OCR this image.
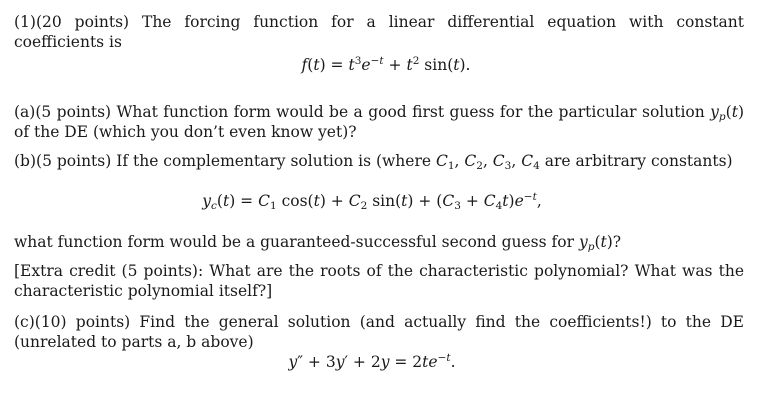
(1)(20 points) The forcing function for a linear differential equation with constant coefficients is
$f(t) = t^3e^{-t} + t^2$ sin(t).
(a)(5 points) What function form would be a good first guess for the particular solution $y_p(t)$ of the DE (which you don’t even know yet)?
(b)(5 points) If the complementary solution is (where $C_1$, $C_2$, $C_3$, $C_4$ are arbitrary constants)
$y_c(t) = C_1$ $\cos(t) + C_2$ $\sin(t) + (C_3 + C_4t)e^{-t}$,
what function form would be a guaranteed-successful second guess for $y_p(t)$?
[Extra credit (5 points): What are the roots of the characteristic polynomial? What was the characteristic polynomial itself?]
(c)(10) points) Find the general solution (and actually find the coefficients!) to the DE (unrelated to parts a, b above)
$y'' + 3y' + 2y = 2te^{-t}$.
